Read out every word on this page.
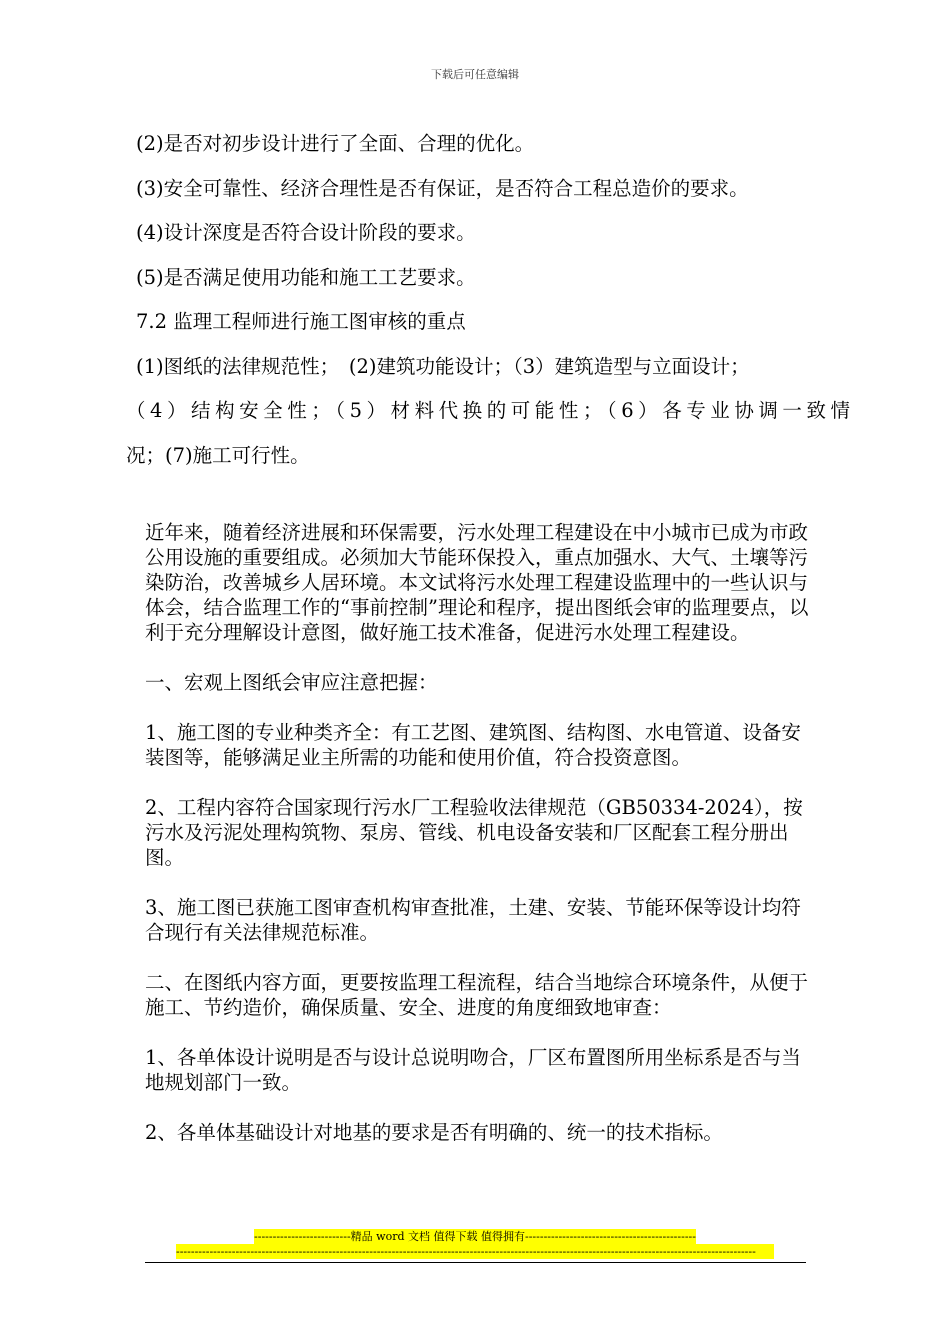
下载后可任意编辑
(2)是否对初步设计进行了全面、合理的优化。
(3)安全可靠性、经济合理性是否有保证，是否符合工程总造价的要求。
(4)设计深度是否符合设计阶段的要求。
(5)是否满足使用功能和施工工艺要求。
7.2 监理工程师进行施工图审核的重点
(1)图纸的法律规范性；　(2)建筑功能设计；（3）建筑造型与立面设计；
（4）结构安全性；（5）材料代换的可能性；（6）各专业协调一致情
况；(7)施工可行性。

近年来，随着经济进展和环保需要，污水处理工程建设在中小城市已成为市政公用设施的重要组成。必须加大节能环保投入，重点加强水、大气、土壤等污染防治，改善城乡人居环境。本文试将污水处理工程建设监理中的一些认识与体会，结合监理工作的“事前控制”理论和程序，提出图纸会审的监理要点，以利于充分理解设计意图，做好施工技术准备，促进污水处理工程建设。

一、宏观上图纸会审应注意把握：

1、施工图的专业种类齐全：有工艺图、建筑图、结构图、水电管道、设备安装图等，能够满足业主所需的功能和使用价值，符合投资意图。

2、工程内容符合国家现行污水厂工程验收法律规范（GB50334-2024），按污水及污泥处理构筑物、泵房、管线、机电设备安装和厂区配套工程分册出图。

3、施工图已获施工图审查机构审查批准，土建、安装、节能环保等设计均符合现行有关法律规范标准。

二、在图纸内容方面，更要按监理工程流程，结合当地综合环境条件，从便于施工、节约造价，确保质量、安全、进度的角度细致地审查：

1、各单体设计说明是否与设计总说明吻合，厂区布置图所用坐标系是否与当地规划部门一致。

2、各单体基础设计对地基的要求是否有明确的、统一的技术指标。

--------------------------精品 word 文档 值得下载 值得拥有----------------------------------------------
------------------------------------------------------------------------------------------------------------------------------------------------------------
